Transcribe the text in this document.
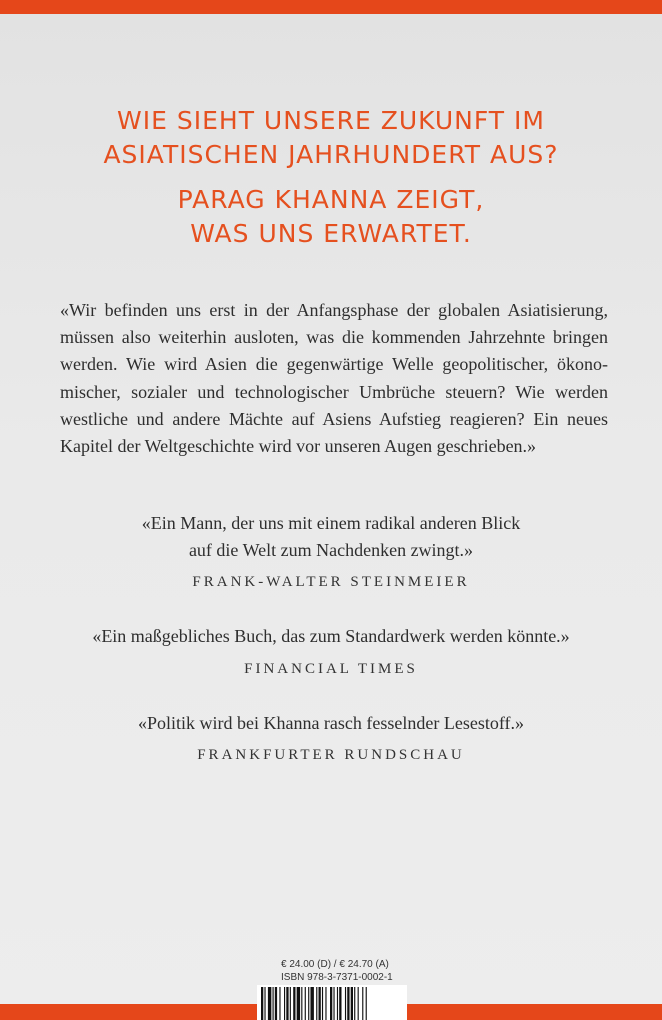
WIE SIEHT UNSERE ZUKUNFT IM
ASIATISCHEN JAHRHUNDERT AUS?
PARAG KHANNA ZEIGT,
WAS UNS ERWARTET.

«Wir befinden uns erst in der Anfangsphase der globalen Asiatisierung,
müssen also weiterhin ausloten, was die kommenden Jahrzehnte bringen
werden. Wie wird Asien die gegenwärtige Welle geopolitischer, ökono-
mischer, sozialer und technologischer Umbrüche steuern? Wie werden
westliche und andere Mächte auf Asiens Aufstieg reagieren? Ein neues
Kapitel der Weltgeschichte wird vor unseren Augen geschrieben.»

«Ein Mann, der uns mit einem radikal anderen Blick
auf die Welt zum Nachdenken zwingt.»

FRANK-WALTER STEINMEIER

«Ein maßgebliches Buch, das zum Standardwerk werden könnte.»

FINANCIAL TIMES

«Politik wird bei Khanna rasch fesselnder Lesestoff.»

FRANKFURTER RUNDSCHAU

€ 24.00 (D) / € 24.70 (A)
ISBN 978-3-7371-0002-1
